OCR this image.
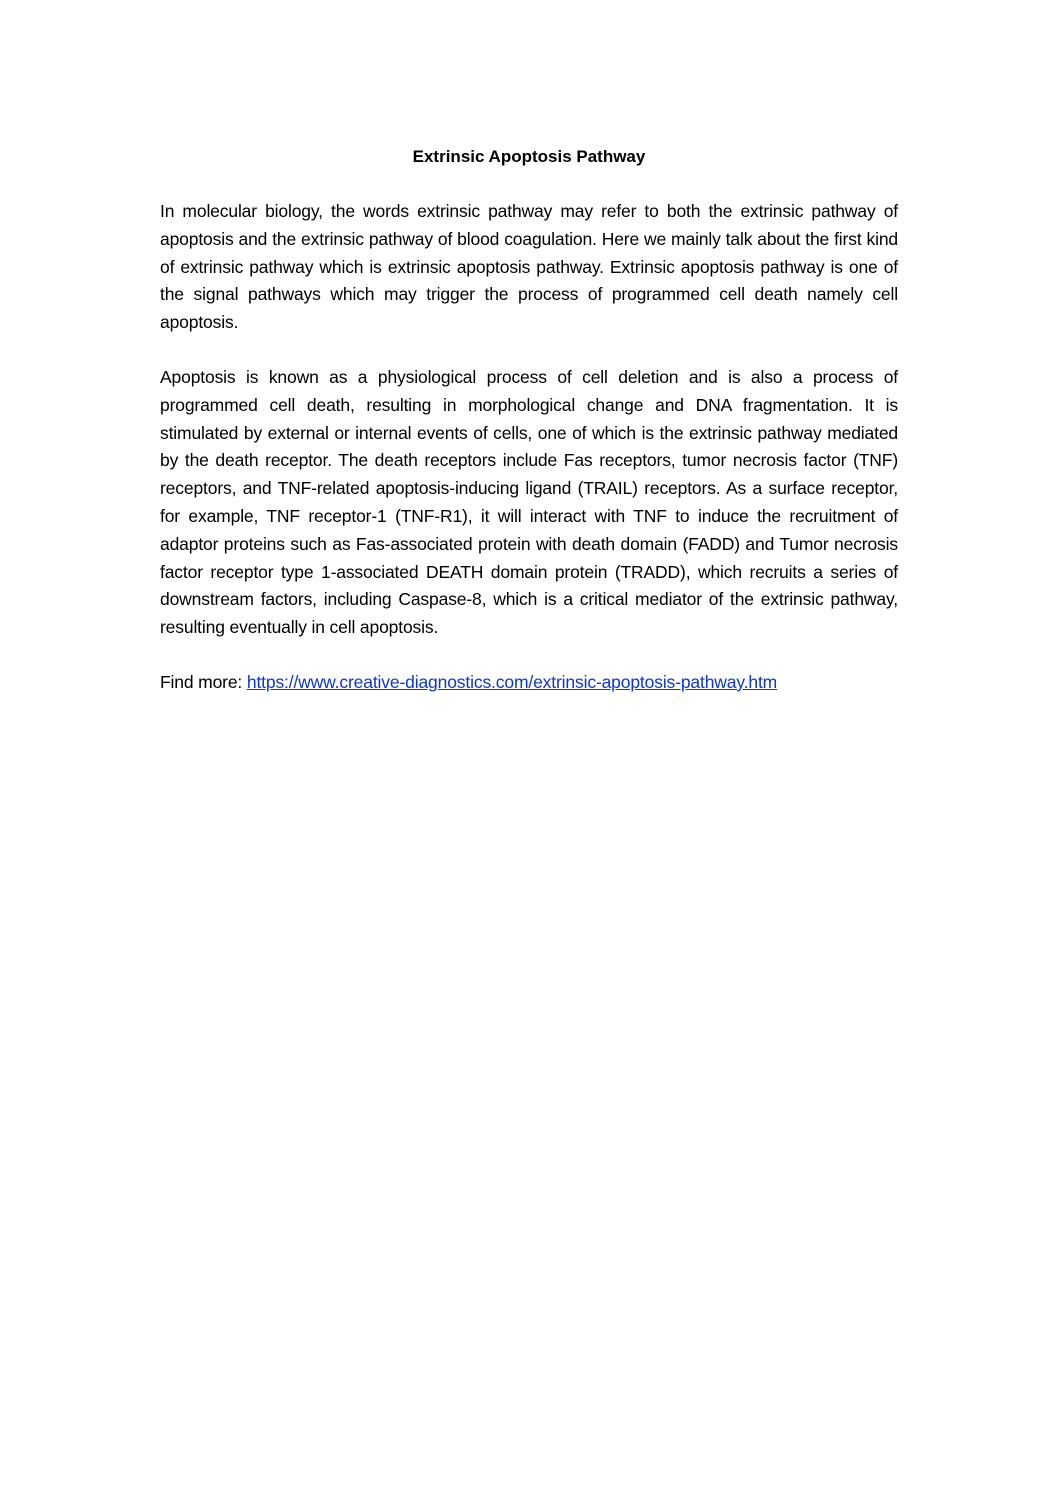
Extrinsic Apoptosis Pathway

In molecular biology, the words extrinsic pathway may refer to both the extrinsic pathway of apoptosis and the extrinsic pathway of blood coagulation. Here we mainly talk about the first kind of extrinsic pathway which is extrinsic apoptosis pathway. Extrinsic apoptosis pathway is one of the signal pathways which may trigger the process of programmed cell death namely cell apoptosis.

Apoptosis is known as a physiological process of cell deletion and is also a process of programmed cell death, resulting in morphological change and DNA fragmentation. It is stimulated by external or internal events of cells, one of which is the extrinsic pathway mediated by the death receptor. The death receptors include Fas receptors, tumor necrosis factor (TNF) receptors, and TNF-related apoptosis-inducing ligand (TRAIL) receptors. As a surface receptor, for example, TNF receptor-1 (TNF-R1), it will interact with TNF to induce the recruitment of adaptor proteins such as Fas-associated protein with death domain (FADD) and Tumor necrosis factor receptor type 1-associated DEATH domain protein (TRADD), which recruits a series of downstream factors, including Caspase-8, which is a critical mediator of the extrinsic pathway, resulting eventually in cell apoptosis.

Find more: https://www.creative-diagnostics.com/extrinsic-apoptosis-pathway.htm
